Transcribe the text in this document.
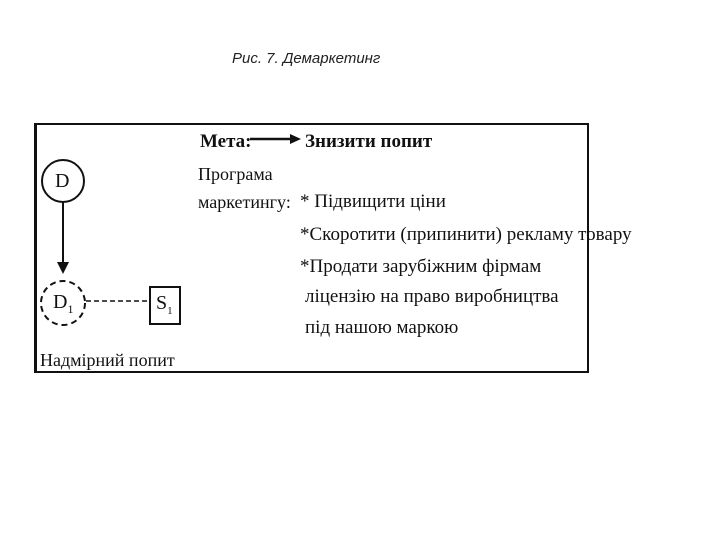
Рис. 7. Демаркетинг
D
$D_1$	$S_1$
Мета:	Знизити попит
Програма
маркетингу: * Підвищити ціни
*Скоротити (припинити) рекламу товару
*Продати зарубіжним фірмам
ліцензію на право виробництва
під нашою маркою
Надмірний попит
